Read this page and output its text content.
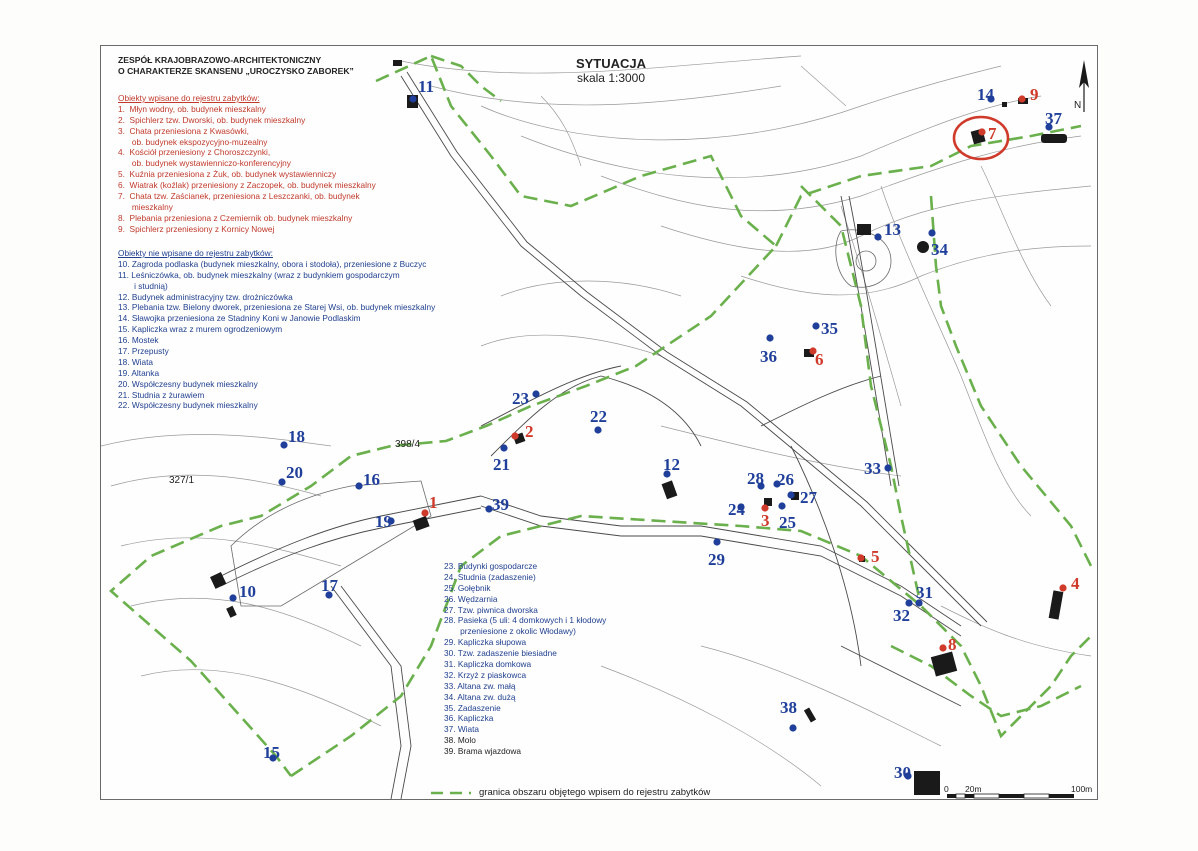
ZESPÓŁ KRAJOBRAZOWO-ARCHITEKTONICZNY
O CHARAKTERZE SKANSENU „UROCZYSKO ZABOREK”	SYTUACJA
skala 1:3000
Obiekty wpisane do rejestru zabytków:
1.  Młyn wodny, ob. budynek mieszkalny
2.  Spichlerz tzw. Dworski, ob. budynek mieszkalny
3.  Chata przeniesiona z Kwasówki,
ob. budynek ekspozycyjno-muzealny
4.  Kościół przeniesiony z Choroszczynki,
ob. budynek wystawienniczo-konferencyjny
5.  Kuźnia przeniesiona z Żuk, ob. budynek wystawienniczy
6.  Wiatrak (koźlak) przeniesiony z Zaczopek, ob. budynek mieszkalny
7.  Chata tzw. Zaścianek, przeniesiona z Leszczanki, ob. budynek
mieszkalny
8.  Plebania przeniesiona z Czemiernik ob. budynek mieszkalny
9.  Spichlerz przeniesiony z Kornicy Nowej
Obiekty nie wpisane do rejestru zabytków:
10. Zagroda podlaska (budynek mieszkalny, obora i stodoła), przeniesione z Buczyc
11. Leśniczówka, ob. budynek mieszkalny (wraz z budynkiem gospodarczym
i studnią)
12. Budynek administracyjny tzw. drożniczówka
13. Plebania tzw. Bielony dworek, przeniesiona ze Starej Wsi, ob. budynek mieszkalny
14. Sławojka przeniesiona ze Stadniny Koni w Janowie Podlaskim
15. Kapliczka wraz z murem ogrodzeniowym
16. Mostek
17. Przepusty
18. Wiata
19. Altanka
20. Współczesny budynek mieszkalny
21. Studnia z żurawiem
22. Współczesny budynek mieszkalny
23. Budynki gospodarcze
24. Studnia (zadaszenie)
25. Gołębnik
26. Wędzarnia
27. Tzw. piwnica dworska
28. Pasieka (5 uli: 4 domkowych i 1 kłodowy
przeniesione z okolic Włodawy)
29. Kapliczka słupowa
30. Tzw. zadaszenie biesiadne
31. Kapliczka domkowa
32. Krzyż z piaskowca
33. Altana zw. małą
34. Altana zw. dużą
35. Zadaszenie
36. Kapliczka
37. Wiata
38. Molo
39. Brama wjazdowa
granica obszaru objętego wpisem do rejestru zabytków	0 20m	100m
327/1
398/4
N
1
2
3
4
5
6
7
8
9
10
11
12
13
14
15
16
17
18
19
20	21
22
23
24
25
26
27
28
29
30
31
32
33
34
35
36
37
38
39
